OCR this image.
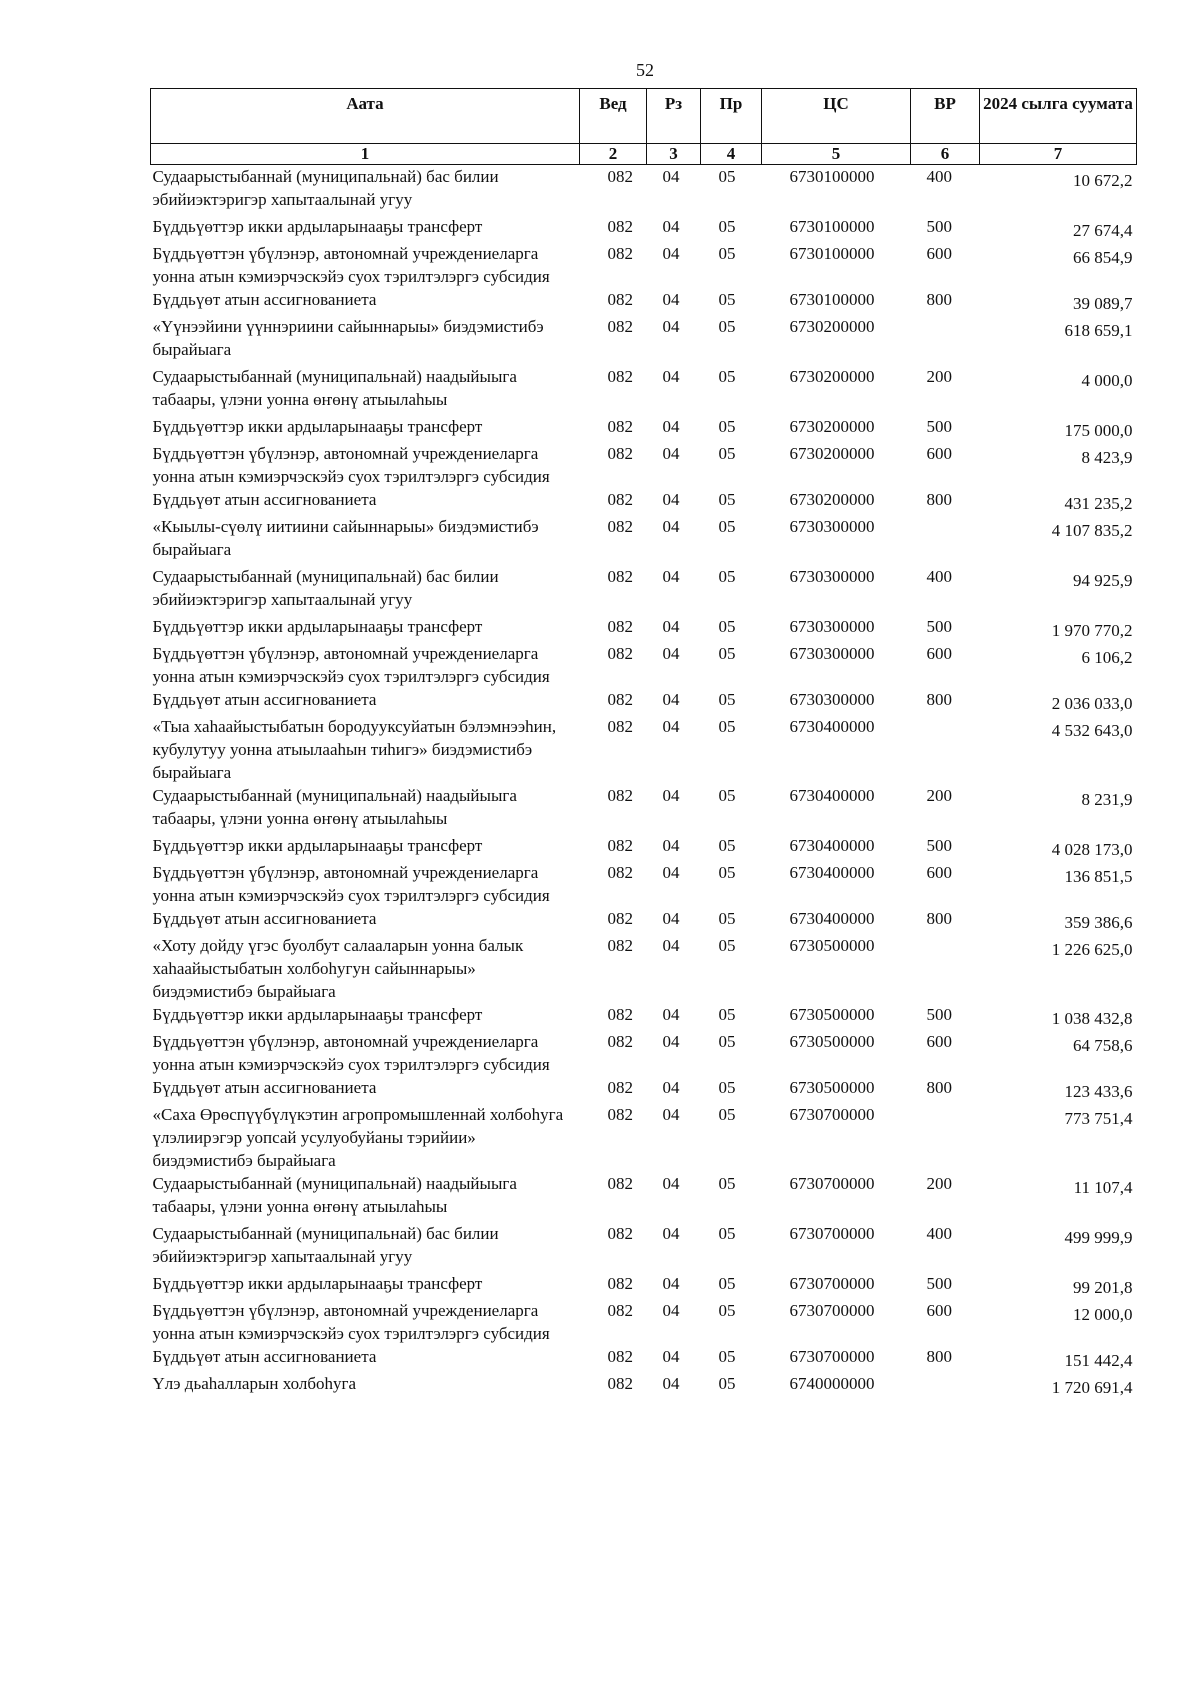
52
Аата	Вед	Рз	Пр	ЦС	ВР	2024 сылга суумата
1	2	3	4	5	6	7
Судаарыстыбаннай (муниципальнай) бас билии эбийиэктэригэр хапытаалынай угуу	082	04	05	6730100000	400	10 672,2
Бүддьүөттэр икки ардыларынааҕы трансферт	082	04	05	6730100000	500	27 674,4
Бүддьүөттэн үбүлэнэр, автономнай учреждениеларга уонна атын кэмиэрчэскэйэ суох тэрилтэлэргэ субсидия	082	04	05	6730100000	600	66 854,9
Бүддьүөт атын ассигнованиета	082	04	05	6730100000	800	39 089,7
«Үүнээйини үүннэриини сайыннарыы» биэдэмистибэ бырайыага	082	04	05	6730200000		618 659,1
Судаарыстыбаннай (муниципальнай) наадыйыыга табаары, үлэни уонна өҥөнү атыылаһыы	082	04	05	6730200000	200	4 000,0
Бүддьүөттэр икки ардыларынааҕы трансферт	082	04	05	6730200000	500	175 000,0
Бүддьүөттэн үбүлэнэр, автономнай учреждениеларга уонна атын кэмиэрчэскэйэ суох тэрилтэлэргэ субсидия	082	04	05	6730200000	600	8 423,9
Бүддьүөт атын ассигнованиета	082	04	05	6730200000	800	431 235,2
«Кыылы-сүөлү иитиини сайыннарыы» биэдэмистибэ бырайыага	082	04	05	6730300000		4 107 835,2
Судаарыстыбаннай (муниципальнай) бас билии эбийиэктэригэр хапытаалынай угуу	082	04	05	6730300000	400	94 925,9
Бүддьүөттэр икки ардыларынааҕы трансферт	082	04	05	6730300000	500	1 970 770,2
Бүддьүөттэн үбүлэнэр, автономнай учреждениеларга уонна атын кэмиэрчэскэйэ суох тэрилтэлэргэ субсидия	082	04	05	6730300000	600	6 106,2
Бүддьүөт атын ассигнованиета	082	04	05	6730300000	800	2 036 033,0
«Тыа хаһаайыстыбатын бородууксуйатын бэлэмнээһин, кубулутуу уонна атыылааһын тиһигэ» биэдэмистибэ бырайыага	082	04	05	6730400000		4 532 643,0
Судаарыстыбаннай (муниципальнай) наадыйыыга табаары, үлэни уонна өҥөнү атыылаһыы	082	04	05	6730400000	200	8 231,9
Бүддьүөттэр икки ардыларынааҕы трансферт	082	04	05	6730400000	500	4 028 173,0
Бүддьүөттэн үбүлэнэр, автономнай учреждениеларга уонна атын кэмиэрчэскэйэ суох тэрилтэлэргэ субсидия	082	04	05	6730400000	600	136 851,5
Бүддьүөт атын ассигнованиета	082	04	05	6730400000	800	359 386,6
«Хоту дойду үгэс буолбут салааларын уонна балык хаһаайыстыбатын холбоһугун сайыннарыы» биэдэмистибэ бырайыага	082	04	05	6730500000		1 226 625,0
Бүддьүөттэр икки ардыларынааҕы трансферт	082	04	05	6730500000	500	1 038 432,8
Бүддьүөттэн үбүлэнэр, автономнай учреждениеларга уонна атын кэмиэрчэскэйэ суох тэрилтэлэргэ субсидия	082	04	05	6730500000	600	64 758,6
Бүддьүөт атын ассигнованиета	082	04	05	6730500000	800	123 433,6
«Саха Өрөспүүбүлүкэтин агропромышленнай холбоһуга үлэлиирэгэр уопсай усулуобуйаны тэрийии» биэдэмистибэ бырайыага	082	04	05	6730700000		773 751,4
Судаарыстыбаннай (муниципальнай) наадыйыыга табаары, үлэни уонна өҥөнү атыылаһыы	082	04	05	6730700000	200	11 107,4
Судаарыстыбаннай (муниципальнай) бас билии эбийиэктэригэр хапытаалынай угуу	082	04	05	6730700000	400	499 999,9
Бүддьүөттэр икки ардыларынааҕы трансферт	082	04	05	6730700000	500	99 201,8
Бүддьүөттэн үбүлэнэр, автономнай учреждениеларга уонна атын кэмиэрчэскэйэ суох тэрилтэлэргэ субсидия	082	04	05	6730700000	600	12 000,0
Бүддьүөт атын ассигнованиета	082	04	05	6730700000	800	151 442,4
Үлэ дьаһалларын холбоһуга	082	04	05	6740000000		1 720 691,4
